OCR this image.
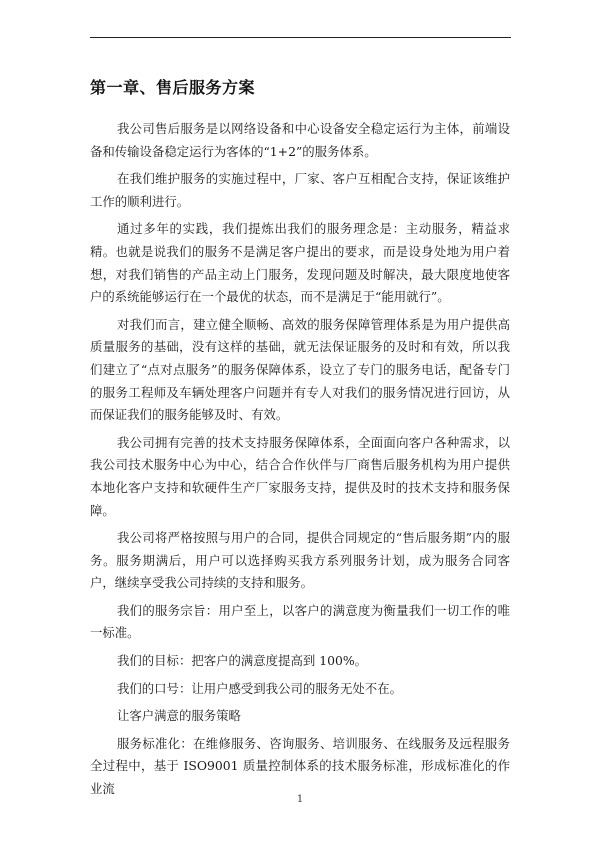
第一章、售后服务方案

我公司售后服务是以网络设备和中心设备安全稳定运行为主体，前端设备和传输设备稳定运行为客体的“1+2”的服务体系。

在我们维护服务的实施过程中，厂家、客户互相配合支持，保证该维护工作的顺利进行。

通过多年的实践，我们提炼出我们的服务理念是：主动服务，精益求精。也就是说我们的服务不是满足客户提出的要求，而是设身处地为用户着想，对我们销售的产品主动上门服务，发现问题及时解决，最大限度地使客户的系统能够运行在一个最优的状态，而不是满足于“能用就行”。

对我们而言，建立健全顺畅、高效的服务保障管理体系是为用户提供高质量服务的基础，没有这样的基础，就无法保证服务的及时和有效，所以我们建立了“点对点服务”的服务保障体系，设立了专门的服务电话，配备专门的服务工程师及车辆处理客户问题并有专人对我们的服务情况进行回访，从而保证我们的服务能够及时、有效。

我公司拥有完善的技术支持服务保障体系，全面面向客户各种需求，以我公司技术服务中心为中心，结合合作伙伴与厂商售后服务机构为用户提供本地化客户支持和软硬件生产厂家服务支持，提供及时的技术支持和服务保障。

我公司将严格按照与用户的合同，提供合同规定的“售后服务期”内的服务。服务期满后，用户可以选择购买我方系列服务计划，成为服务合同客户，继续享受我公司持续的支持和服务。

我们的服务宗旨：用户至上，以客户的满意度为衡量我们一切工作的唯一标准。

我们的目标：把客户的满意度提高到 100%。

我们的口号：让用户感受到我公司的服务无处不在。

让客户满意的服务策略

服务标准化：在维修服务、咨询服务、培训服务、在线服务及远程服务全过程中，基于 ISO9001 质量控制体系的技术服务标准，形成标准化的作业流

1
